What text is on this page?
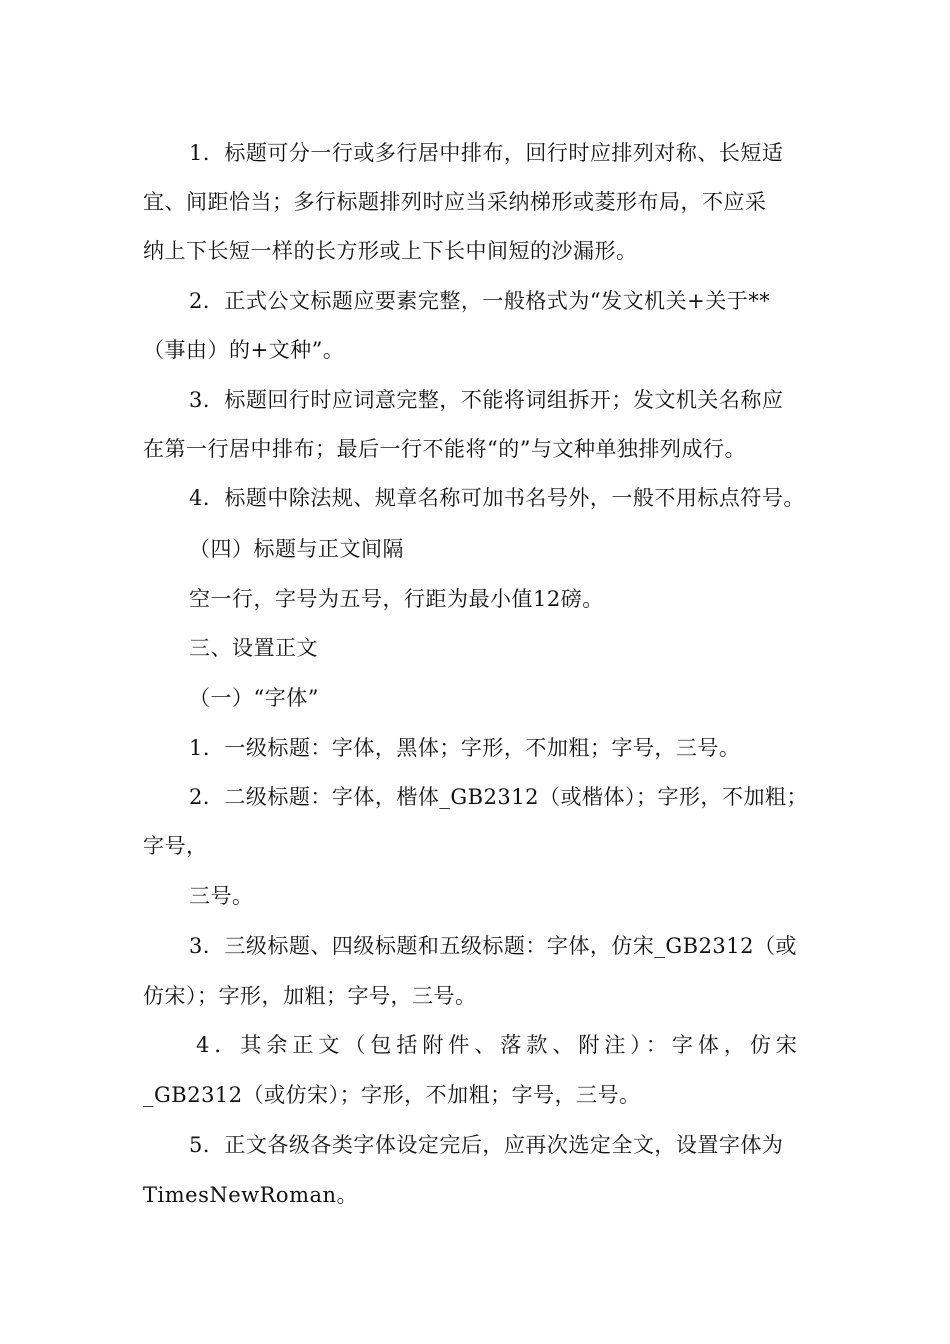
1．标题可分一行或多行居中排布，回行时应排列对称、长短适
宜、间距恰当；多行标题排列时应当采纳梯形或菱形布局，不应采
纳上下长短一样的长方形或上下长中间短的沙漏形。
2．正式公文标题应要素完整，一般格式为“发文机关+关于**
（事由）的+文种”。
3．标题回行时应词意完整，不能将词组拆开；发文机关名称应
在第一行居中排布；最后一行不能将“的”与文种单独排列成行。
4．标题中除法规、规章名称可加书名号外，一般不用标点符号。
（四）标题与正文间隔
空一行，字号为五号，行距为最小值12磅。
三、设置正文
（一）“字体”
1．一级标题：字体，黑体；字形，不加粗；字号，三号。
2．二级标题：字体，楷体_GB2312（或楷体）；字形，不加粗；
字号，
三号。
3．三级标题、四级标题和五级标题：字体，仿宋_GB2312（或
仿宋）；字形，加粗；字号，三号。
4．其余正文（包括附件、落款、附注）：字体，仿宋
_GB2312（或仿宋）；字形，不加粗；字号，三号。
5．正文各级各类字体设定完后，应再次选定全文，设置字体为
TimesNewRoman。
